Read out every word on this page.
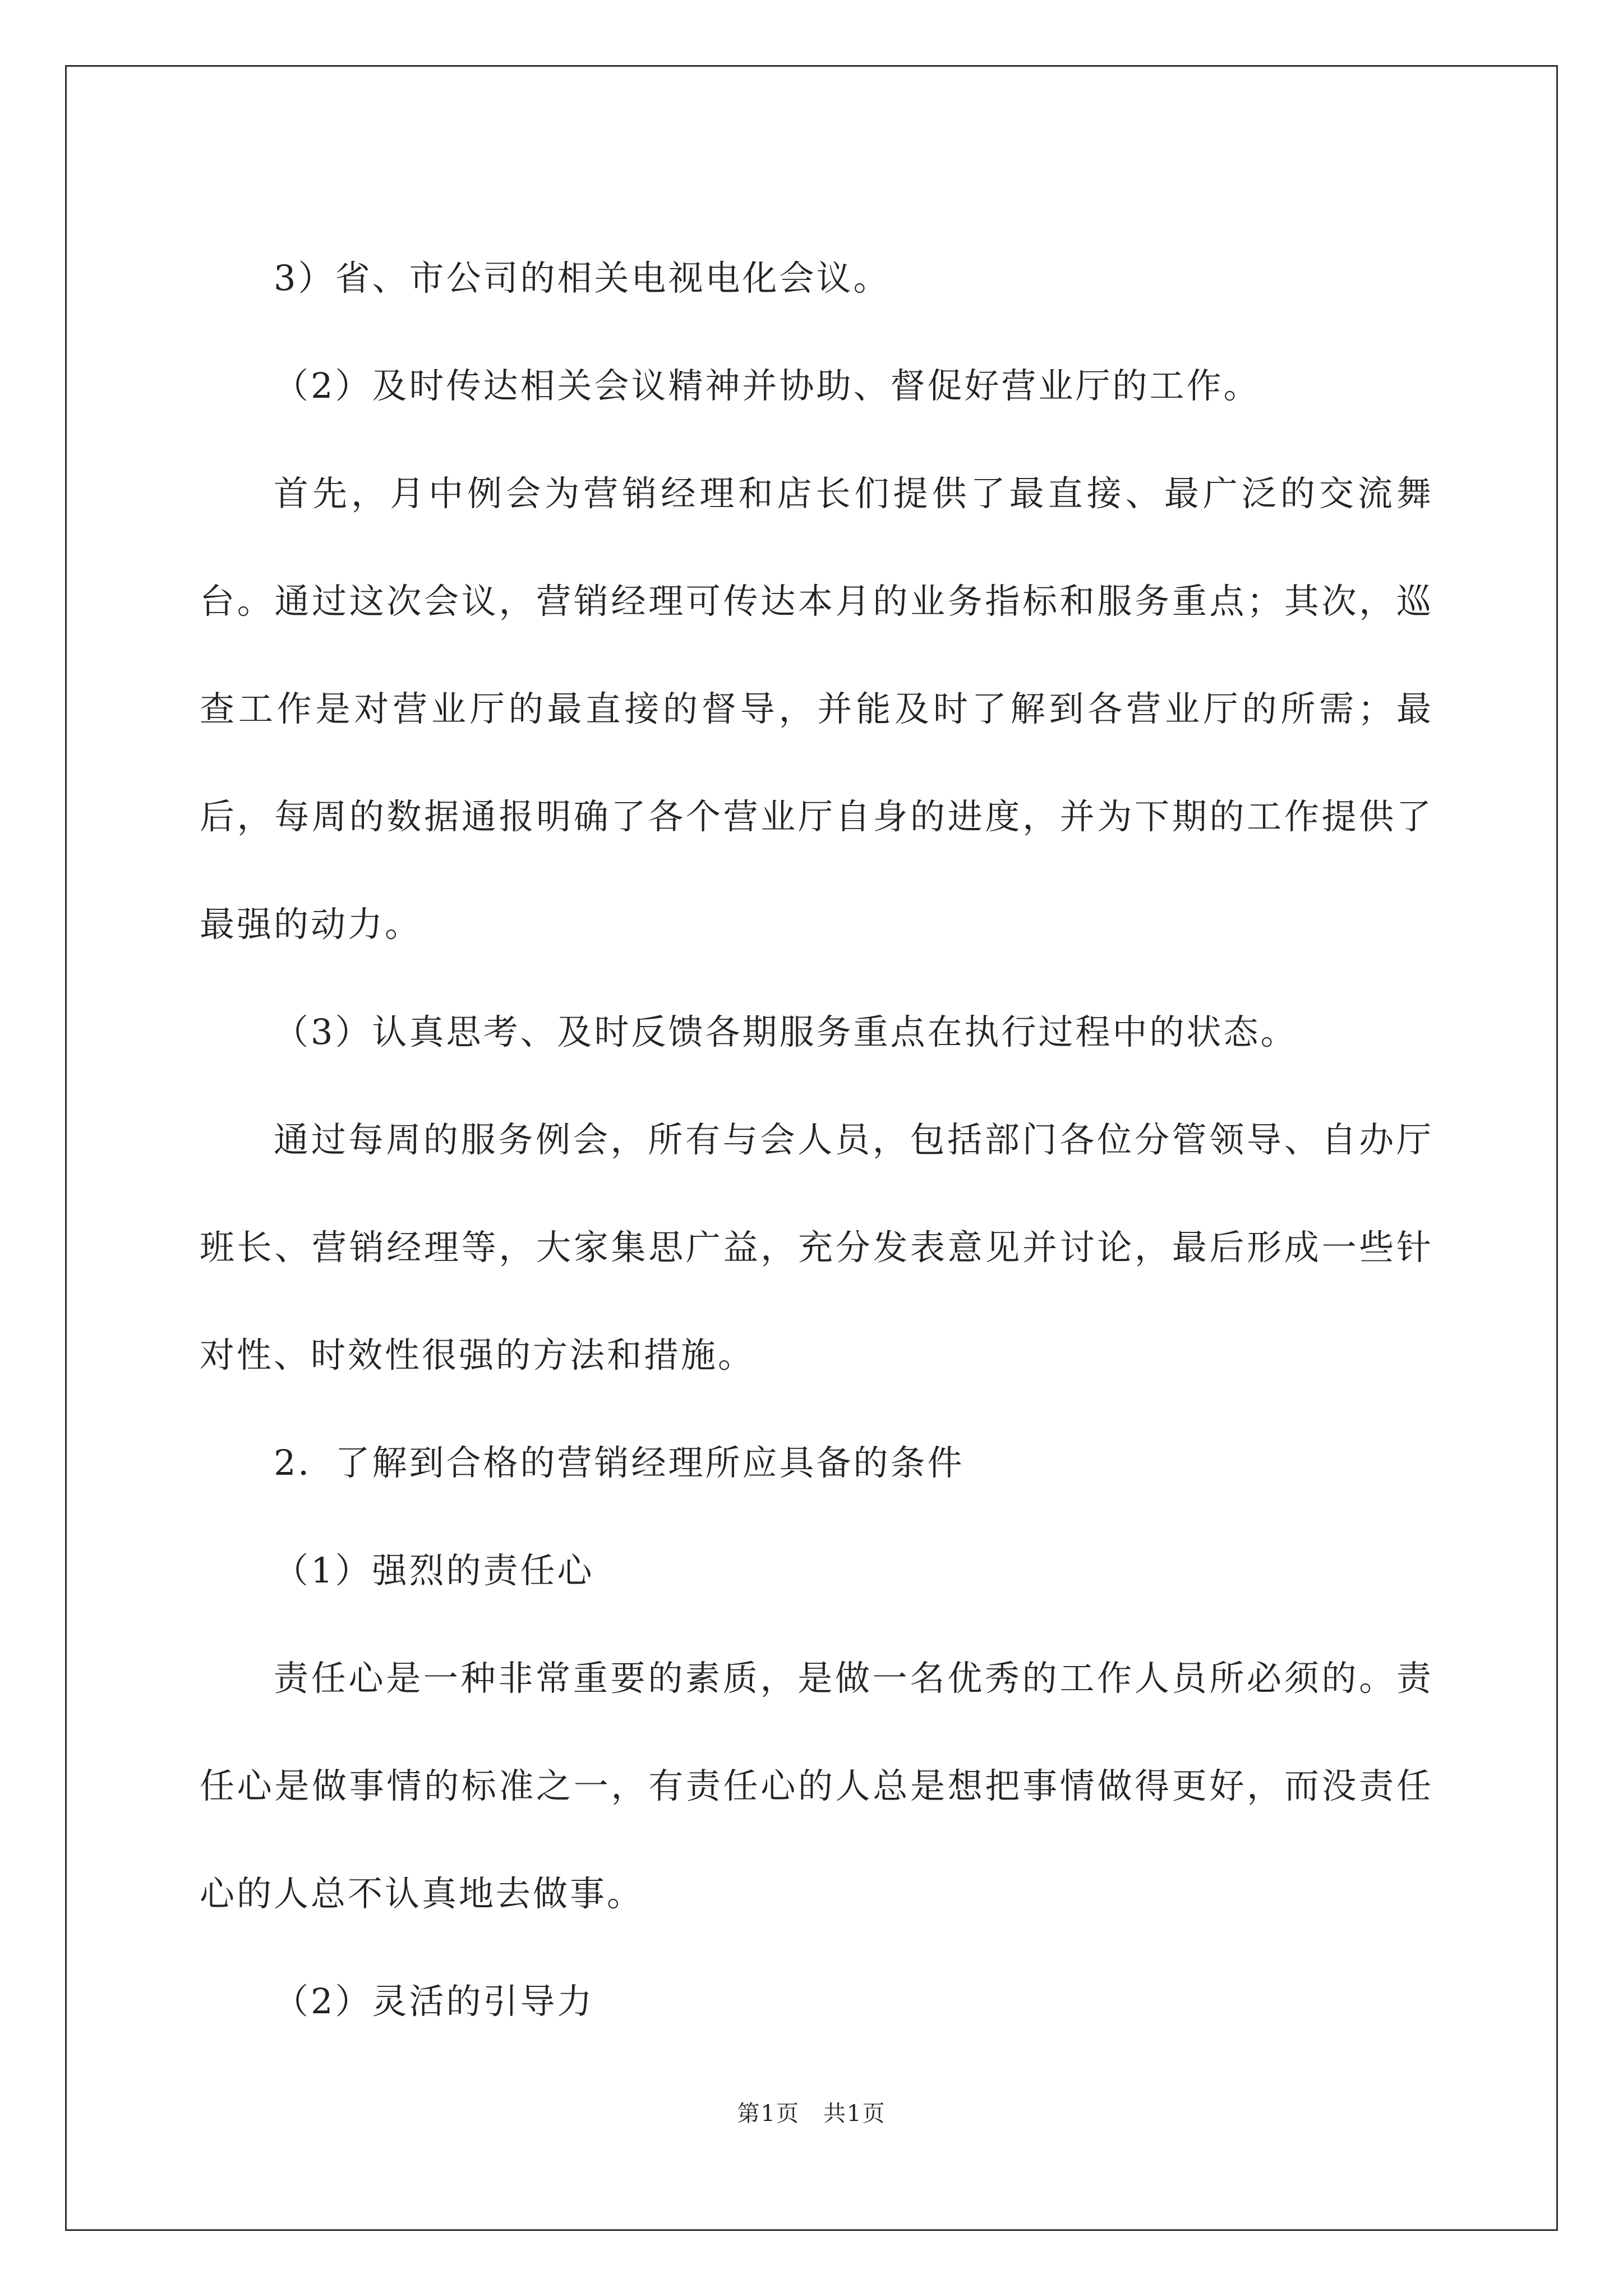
3）省、市公司的相关电视电化会议。

（2）及时传达相关会议精神并协助、督促好营业厅的工作。

首先，月中例会为营销经理和店长们提供了最直接、最广泛的交流舞台。通过这次会议，营销经理可传达本月的业务指标和服务重点；其次，巡查工作是对营业厅的最直接的督导，并能及时了解到各营业厅的所需；最后，每周的数据通报明确了各个营业厅自身的进度，并为下期的工作提供了最强的动力。

（3）认真思考、及时反馈各期服务重点在执行过程中的状态。

通过每周的服务例会，所有与会人员，包括部门各位分管领导、自办厅班长、营销经理等，大家集思广益，充分发表意见并讨论，最后形成一些针对性、时效性很强的方法和措施。

2．了解到合格的营销经理所应具备的条件

（1）强烈的责任心

责任心是一种非常重要的素质，是做一名优秀的工作人员所必须的。责任心是做事情的标准之一，有责任心的人总是想把事情做得更好，而没责任心的人总不认真地去做事。

（2）灵活的引导力

第1页　共1页
